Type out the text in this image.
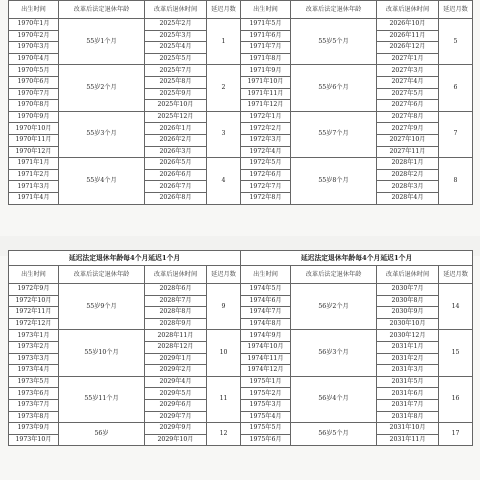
出生时间	改革后法定退休年龄	改革后退休时间	延迟月数	出生时间	改革后法定退休年龄	改革后退休时间	延迟月数
1970年1月	55岁1个月	2025年2月	1	1971年5月	55岁5个月	2026年10月	5
1970年2月		2025年3月		1971年6月		2026年11月	
1970年3月		2025年4月		1971年7月		2026年12月	
1970年4月		2025年5月		1971年8月		2027年1月	
1970年5月	55岁2个月	2025年7月	2	1971年9月	55岁6个月	2027年3月	6
1970年6月		2025年8月		1971年10月		2027年4月	
1970年7月		2025年9月		1971年11月		2027年5月	
1970年8月		2025年10月		1971年12月		2027年6月	
1970年9月	55岁3个月	2025年12月	3	1972年1月	55岁7个月	2027年8月	7
1970年10月		2026年1月		1972年2月		2027年9月	
1970年11月		2026年2月		1972年3月		2027年10月	
1970年12月		2026年3月		1972年4月		2027年11月	
1971年1月	55岁4个月	2026年5月	4	1972年5月	55岁8个月	2028年1月	8
1971年2月		2026年6月		1972年6月		2028年2月	
1971年3月		2026年7月		1972年7月		2028年3月	
1971年4月		2026年8月		1972年8月		2028年4月	
延迟法定退休年龄每4个月延迟1个月				延迟法定退休年龄每4个月延迟1个月			
出生时间	改革后法定退休年龄	改革后退休时间	延迟月数	出生时间	改革后法定退休年龄	改革后退休时间	延迟月数
1972年9月	55岁9个月	2028年6月	9	1974年5月	56岁2个月	2030年7月	14
1972年10月		2028年7月		1974年6月		2030年8月	
1972年11月		2028年8月		1974年7月		2030年9月	
1972年12月		2028年9月		1974年8月		2030年10月	
1973年1月	55岁10个月	2028年11月	10	1974年9月	56岁3个月	2030年12月	15
1973年2月		2028年12月		1974年10月		2031年1月	
1973年3月		2029年1月		1974年11月		2031年2月	
1973年4月		2029年2月		1974年12月		2031年3月	
1973年5月	55岁11个月	2029年4月	11	1975年1月	56岁4个月	2031年5月	16
1973年6月		2029年5月		1975年2月		2031年6月	
1973年7月		2029年6月		1975年3月		2031年7月	
1973年8月		2029年7月		1975年4月		2031年8月	
1973年9月	56岁	2029年9月	12	1975年5月	56岁5个月	2031年10月	17
1973年10月		2029年10月		1975年6月		2031年11月	
